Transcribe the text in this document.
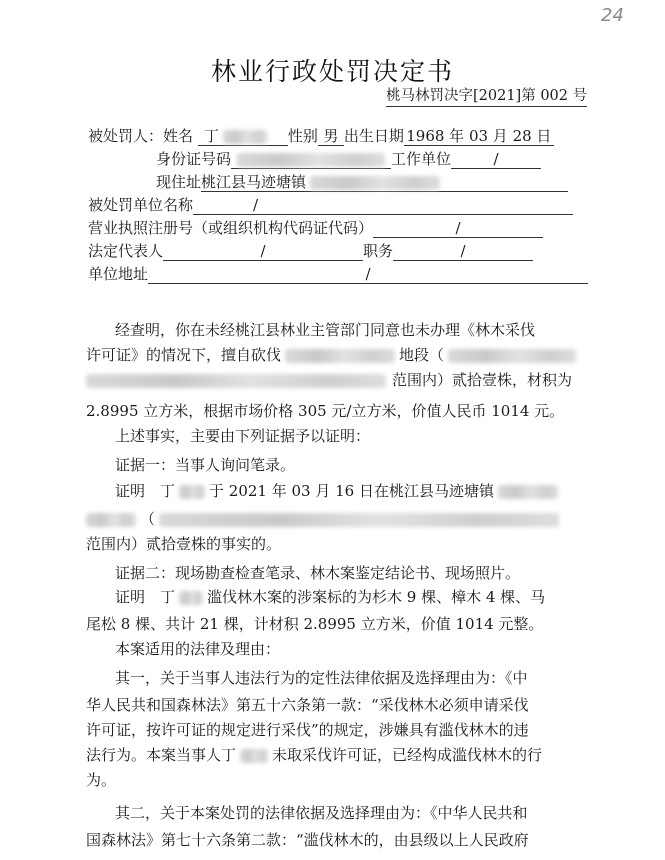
24
林业行政处罚决定书
桃马林罚决字[2021]第 002 号
被处罚人：姓名 丁	性别 男 出生日期 1968 年 03 月 28 日
身份证号码	工作单位	/
现住址桃江县马迹塘镇
被处罚单位名称	/
营业执照注册号（或组织机构代码证代码）	/
法定代表人	/	职务	/
单位地址	/
经查明，你在未经桃江县林业主管部门同意也未办理《林木采伐
许可证》的情况下，擅自砍伐	地段（
范围内）贰拾壹株，材积为
2.8995 立方米，根据市场价格 305 元/立方米，价值人民币 1014 元。
上述事实，主要由下列证据予以证明：
证据一：当事人询问笔录。
证明　丁 于 2021 年 03 月 16 日在桃江县马迹塘镇
（
范围内）贰拾壹株的事实的。
证据二：现场勘查检查笔录、林木案鉴定结论书、现场照片。
证明　丁 滥伐林木案的涉案标的为杉木 9 棵、樟木 4 棵、马
尾松 8 棵、共计 21 棵，计材积 2.8995 立方米，价值 1014 元整。
本案适用的法律及理由：
其一，关于当事人违法行为的定性法律依据及选择理由为：《中
华人民共和国森林法》第五十六条第一款：“采伐林木必须申请采伐
许可证，按许可证的规定进行采伐”的规定，涉嫌具有滥伐林木的违
法行为。本案当事人丁 未取采伐许可证，已经构成滥伐林木的行
为。
其二，关于本案处罚的法律依据及选择理由为：《中华人民共和
国森林法》第七十六条第二款：“滥伐林木的，由县级以上人民政府
